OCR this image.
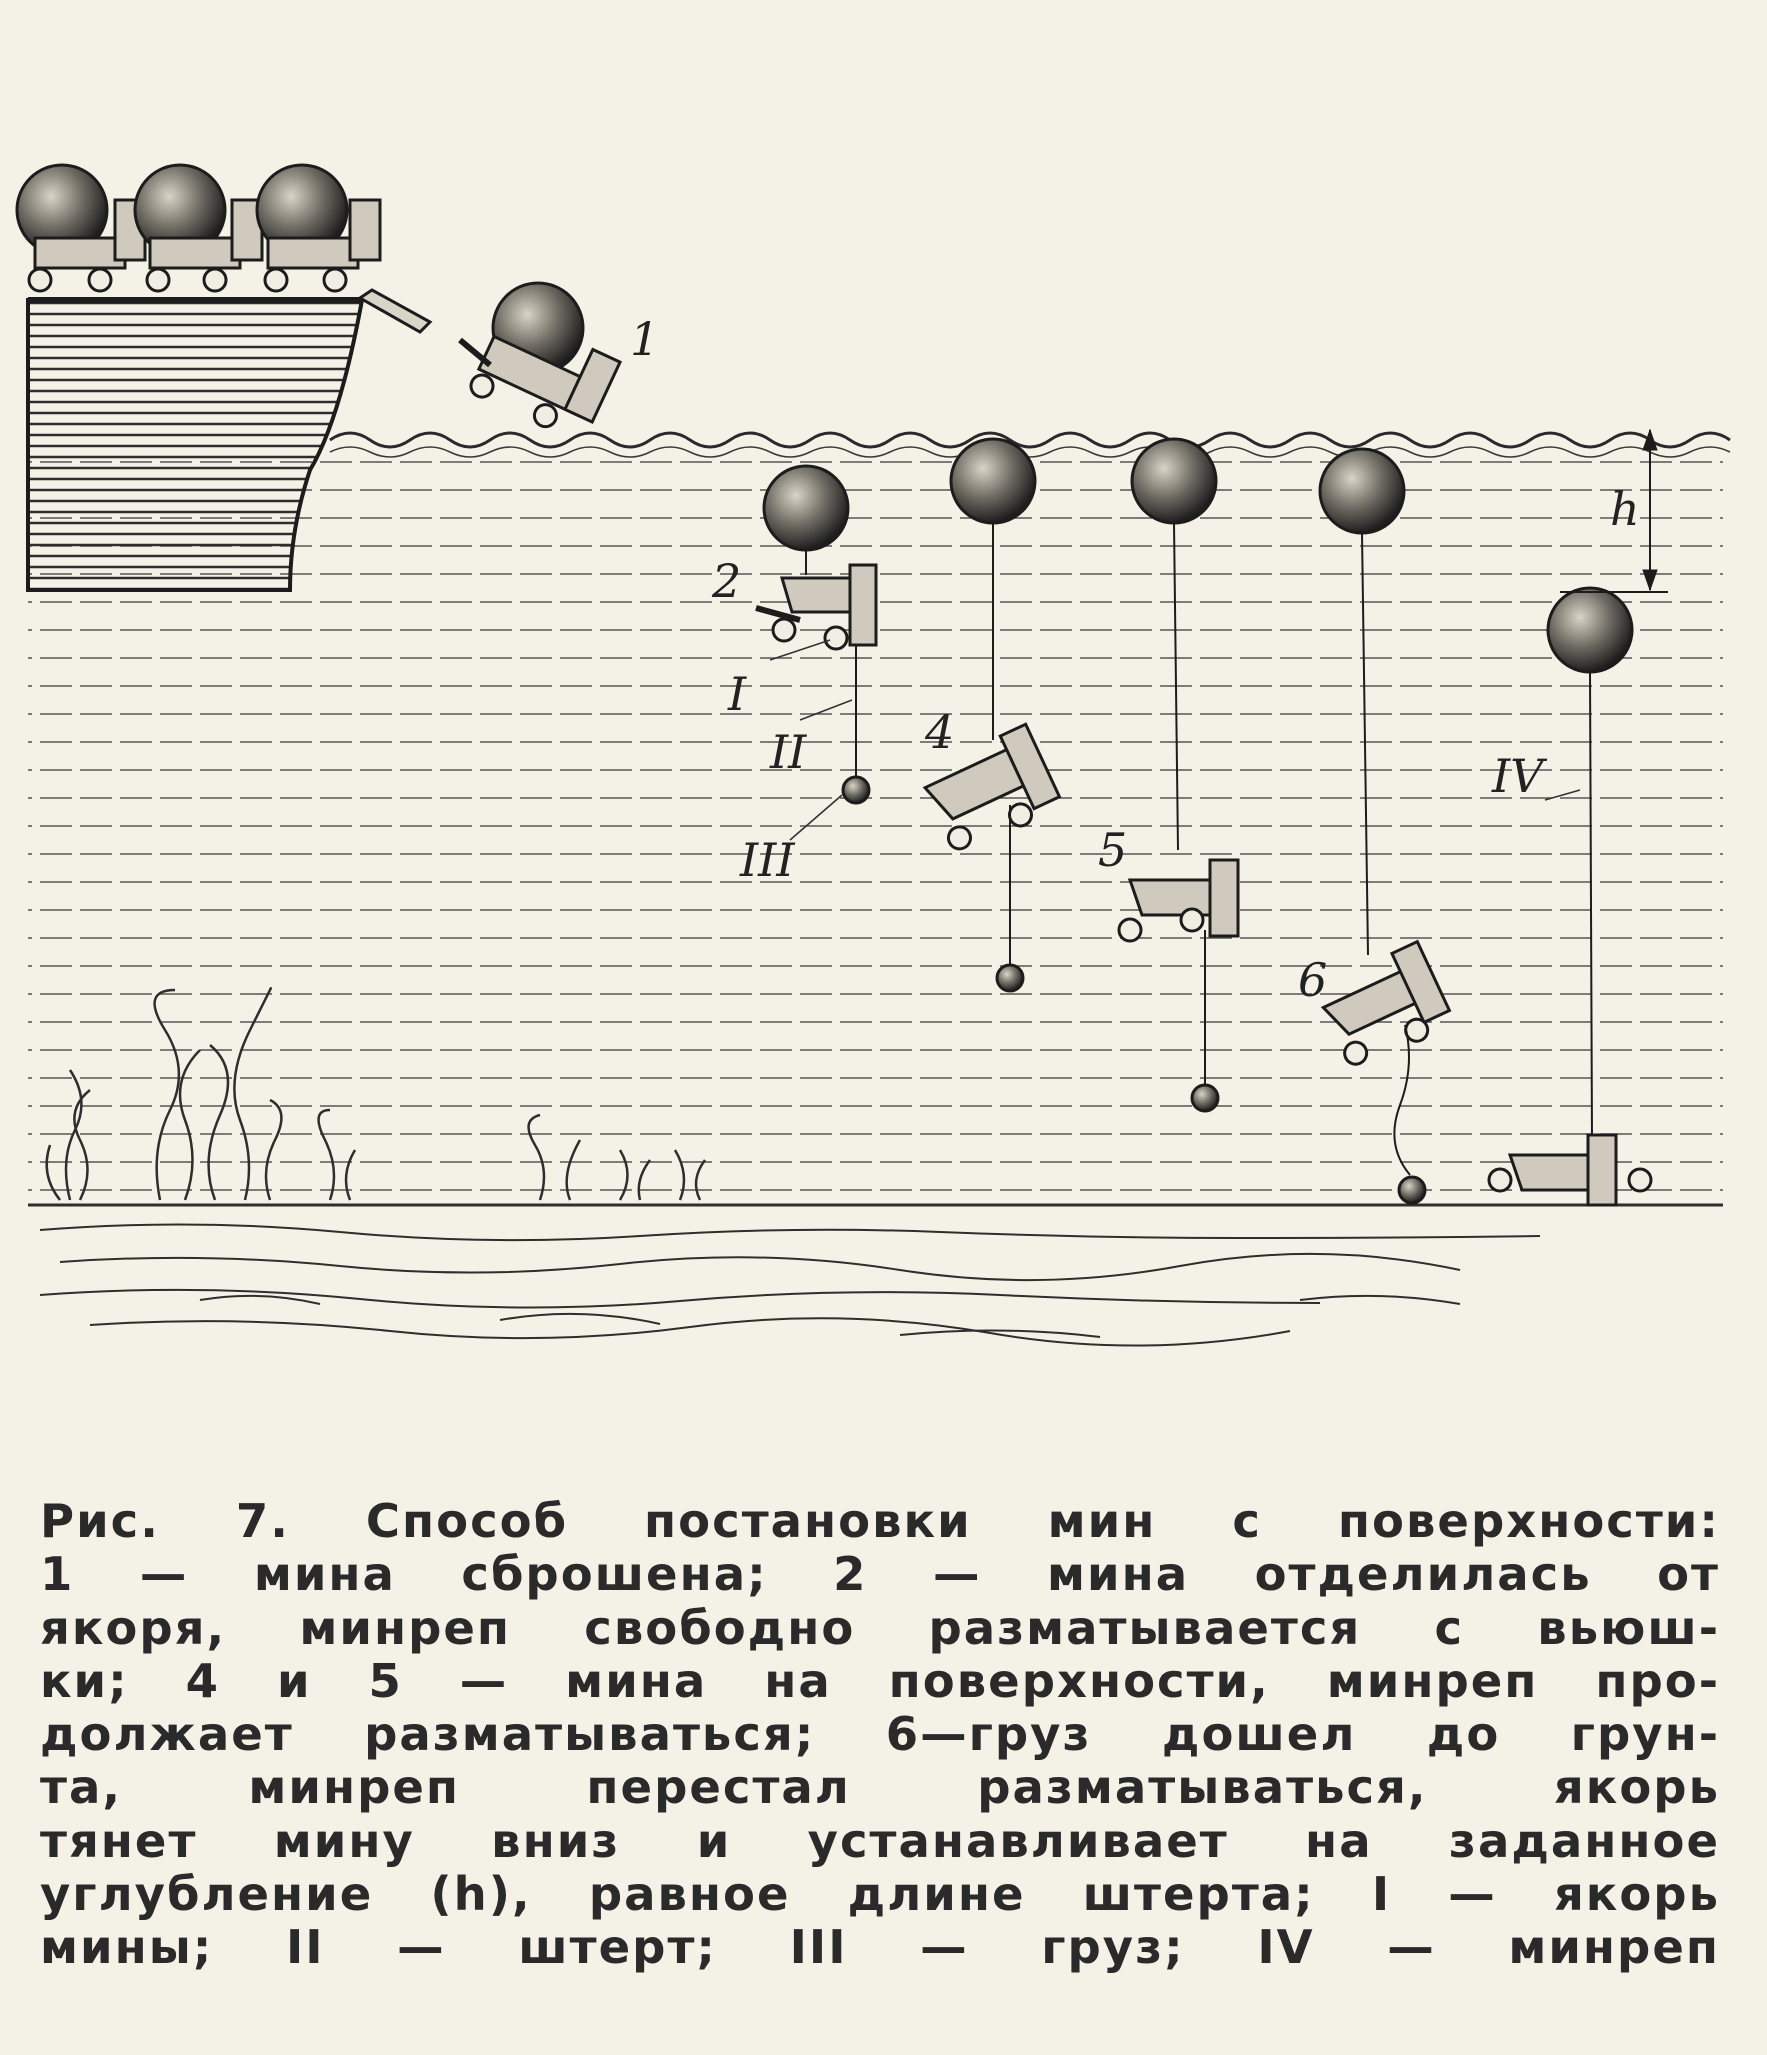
1
2
I
II
III
4
5
6
IV
h
Рис. 7. Способ постановки мин с поверхности:
1 — мина сброшена; 2 — мина отделилась от
якоря, минреп свободно разматывается с вьюш-
ки; 4 и 5 — мина на поверхности, минреп про-
должает разматываться; 6—груз дошел до грун-
та, минреп перестал разматываться, якорь
тянет мину вниз и устанавливает на заданное
углубление (h), равное длине штерта; I — якорь
мины; II — штерт; III — груз; IV — минреп
